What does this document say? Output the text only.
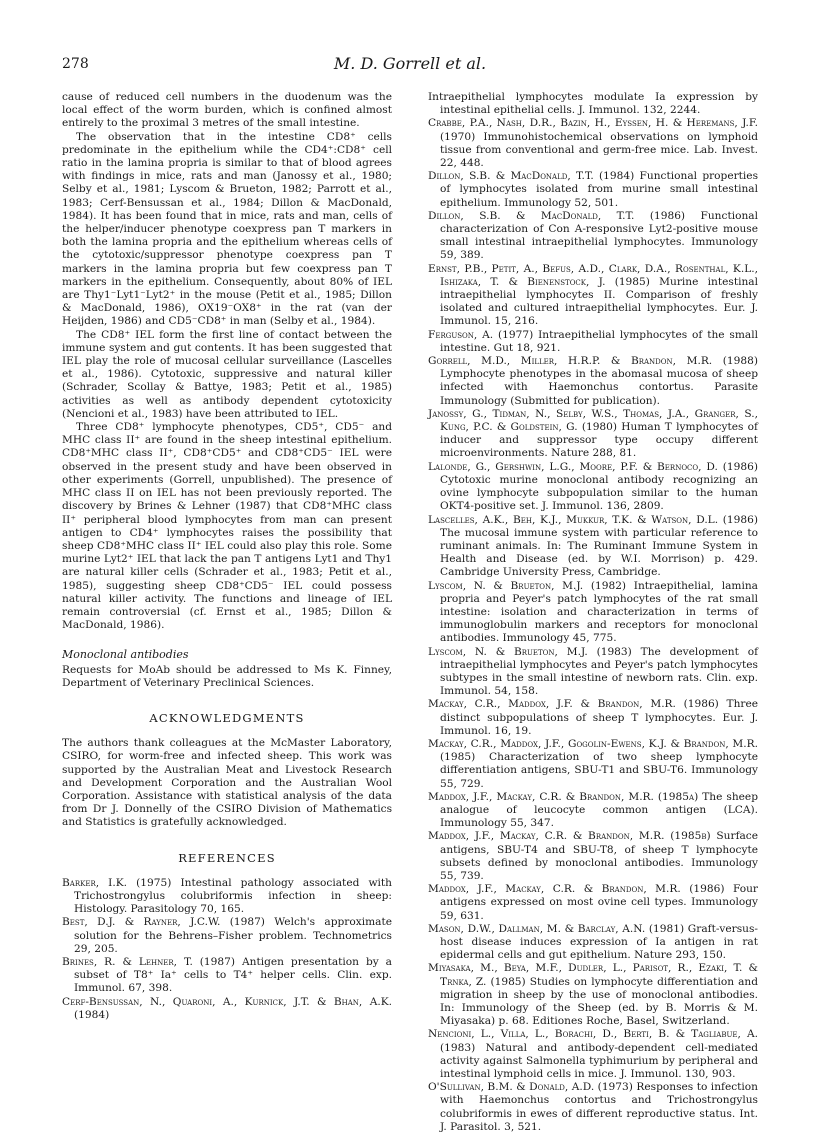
278	M. D. Gorrell et al.

cause of reduced cell numbers in the duodenum was the local effect of the worm burden, which is confined almost entirely to the proximal 3 metres of the small intestine.

The observation that in the intestine CD8⁺ cells predominate in the epithelium while the CD4⁺:CD8⁺ cell ratio in the lamina propria is similar to that of blood agrees with findings in mice, rats and man (Janossy et al., 1980; Selby et al., 1981; Lyscom & Brueton, 1982; Parrott et al., 1983; Cerf-Bensussan et al., 1984; Dillon & MacDonald, 1984). It has been found that in mice, rats and man, cells of the helper/inducer phenotype coexpress pan T markers in both the lamina propria and the epithelium whereas cells of the cytotoxic/suppressor phenotype coexpress pan T markers in the lamina propria but few coexpress pan T markers in the epithelium. Consequently, about 80% of IEL are Thy1⁻Lyt1⁻Lyt2⁺ in the mouse (Petit et al., 1985; Dillon & MacDonald, 1986), OX19⁻OX8⁺ in the rat (van der Heijden, 1986) and CD5⁻CD8⁺ in man (Selby et al., 1984).

The CD8⁺ IEL form the first line of contact between the immune system and gut contents. It has been suggested that IEL play the role of mucosal cellular surveillance (Lascelles et al., 1986). Cytotoxic, suppressive and natural killer (Schrader, Scollay & Battye, 1983; Petit et al., 1985) activities as well as antibody dependent cytotoxicity (Nencioni et al., 1983) have been attributed to IEL.

Three CD8⁺ lymphocyte phenotypes, CD5⁺, CD5⁻ and MHC class II⁺ are found in the sheep intestinal epithelium. CD8⁺MHC class II⁺, CD8⁺CD5⁺ and CD8⁺CD5⁻ IEL were observed in the present study and have been observed in other experiments (Gorrell, unpublished). The presence of MHC class II on IEL has not been previously reported. The discovery by Brines & Lehner (1987) that CD8⁺MHC class II⁺ peripheral blood lymphocytes from man can present antigen to CD4⁺ lymphocytes raises the possibility that sheep CD8⁺MHC class II⁺ IEL could also play this role. Some murine Lyt2⁺ IEL that lack the pan T antigens Lyt1 and Thy1 are natural killer cells (Schrader et al., 1983; Petit et al., 1985), suggesting sheep CD8⁺CD5⁻ IEL could possess natural killer activity. The functions and lineage of IEL remain controversial (cf. Ernst et al., 1985; Dillon & MacDonald, 1986).

Monoclonal antibodies

Requests for MoAb should be addressed to Ms K. Finney, Department of Veterinary Preclinical Sciences.

ACKNOWLEDGMENTS

The authors thank colleagues at the McMaster Laboratory, CSIRO, for worm-free and infected sheep. This work was supported by the Australian Meat and Livestock Research and Development Corporation and the Australian Wool Corporation. Assistance with statistical analysis of the data from Dr J. Donnelly of the CSIRO Division of Mathematics and Statistics is gratefully acknowledged.

REFERENCES

Barker, I.K. (1975) Intestinal pathology associated with Trichostrongylus colubriformis infection in sheep: Histology. Parasitology 70, 165.

Best, D.J. & Rayner, J.C.W. (1987) Welch's approximate solution for the Behrens–Fisher problem. Technometrics 29, 205.

Brines, R. & Lehner, T. (1987) Antigen presentation by a subset of T8⁺ Ia⁺ cells to T4⁺ helper cells. Clin. exp. Immunol. 67, 398.

Cerf-Bensussan, N., Quaroni, A., Kurnick, J.T. & Bhan, A.K. (1984)

Intraepithelial lymphocytes modulate Ia expression by intestinal epithelial cells. J. Immunol. 132, 2244.

Crabbe, P.A., Nash, D.R., Bazin, H., Eyssen, H. & Heremans, J.F. (1970) Immunohistochemical observations on lymphoid tissue from conventional and germ-free mice. Lab. Invest. 22, 448.

Dillon, S.B. & MacDonald, T.T. (1984) Functional properties of lymphocytes isolated from murine small intestinal epithelium. Immunology 52, 501.

Dillon, S.B. & MacDonald, T.T. (1986) Functional characterization of Con A-responsive Lyt2-positive mouse small intestinal intraepithelial lymphocytes. Immunology 59, 389.

Ernst, P.B., Petit, A., Befus, A.D., Clark, D.A., Rosenthal, K.L., Ishizaka, T. & Bienenstock, J. (1985) Murine intestinal intraepithelial lymphocytes II. Comparison of freshly isolated and cultured intraepithelial lymphocytes. Eur. J. Immunol. 15, 216.

Ferguson, A. (1977) Intraepithelial lymphocytes of the small intestine. Gut 18, 921.

Gorrell, M.D., Miller, H.R.P. & Brandon, M.R. (1988) Lymphocyte phenotypes in the abomasal mucosa of sheep infected with Haemonchus contortus. Parasite Immunology (Submitted for publication).

Janossy, G., Tidman, N., Selby, W.S., Thomas, J.A., Granger, S., Kung, P.C. & Goldstein, G. (1980) Human T lymphocytes of inducer and suppressor type occupy different microenvironments. Nature 288, 81.

Lalonde, G., Gershwin, L.G., Moore, P.F. & Bernoco, D. (1986) Cytotoxic murine monoclonal antibody recognizing an ovine lymphocyte subpopulation similar to the human OKT4-positive set. J. Immunol. 136, 2809.

Lascelles, A.K., Beh, K.J., Mukkur, T.K. & Watson, D.L. (1986) The mucosal immune system with particular reference to ruminant animals. In: The Ruminant Immune System in Health and Disease (ed. by W.I. Morrison) p. 429. Cambridge University Press, Cambridge.

Lyscom, N. & Brueton, M.J. (1982) Intraepithelial, lamina propria and Peyer's patch lymphocytes of the rat small intestine: isolation and characterization in terms of immunoglobulin markers and receptors for monoclonal antibodies. Immunology 45, 775.

Lyscom, N. & Brueton, M.J. (1983) The development of intraepithelial lymphocytes and Peyer's patch lymphocytes subtypes in the small intestine of newborn rats. Clin. exp. Immunol. 54, 158.

Mackay, C.R., Maddox, J.F. & Brandon, M.R. (1986) Three distinct subpopulations of sheep T lymphocytes. Eur. J. Immunol. 16, 19.

Mackay, C.R., Maddox, J.F., Gogolin-Ewens, K.J. & Brandon, M.R. (1985) Characterization of two sheep lymphocyte differentiation antigens, SBU-T1 and SBU-T6. Immunology 55, 729.

Maddox, J.F., Mackay, C.R. & Brandon, M.R. (1985a) The sheep analogue of leucocyte common antigen (LCA). Immunology 55, 347.

Maddox, J.F., Mackay, C.R. & Brandon, M.R. (1985b) Surface antigens, SBU-T4 and SBU-T8, of sheep T lymphocyte subsets defined by monoclonal antibodies. Immunology 55, 739.

Maddox, J.F., Mackay, C.R. & Brandon, M.R. (1986) Four antigens expressed on most ovine cell types. Immunology 59, 631.

Mason, D.W., Dallman, M. & Barclay, A.N. (1981) Graft-versus-host disease induces expression of Ia antigen in rat epidermal cells and gut epithelium. Nature 293, 150.

Miyasaka, M., Beya, M.F., Dudler, L., Parisot, R., Ezaki, T. & Trnka, Z. (1985) Studies on lymphocyte differentiation and migration in sheep by the use of monoclonal antibodies. In: Immunology of the Sheep (ed. by B. Morris & M. Miyasaka) p. 68. Editiones Roche, Basel, Switzerland.

Nencioni, L., Villa, L., Borachi, D., Berti, B. & Tagliabue, A. (1983) Natural and antibody-dependent cell-mediated activity against Salmonella typhimurium by peripheral and intestinal lymphoid cells in mice. J. Immunol. 130, 903.

O'Sullivan, B.M. & Donald, A.D. (1973) Responses to infection with Haemonchus contortus and Trichostrongylus colubriformis in ewes of different reproductive status. Int. J. Parasitol. 3, 521.
